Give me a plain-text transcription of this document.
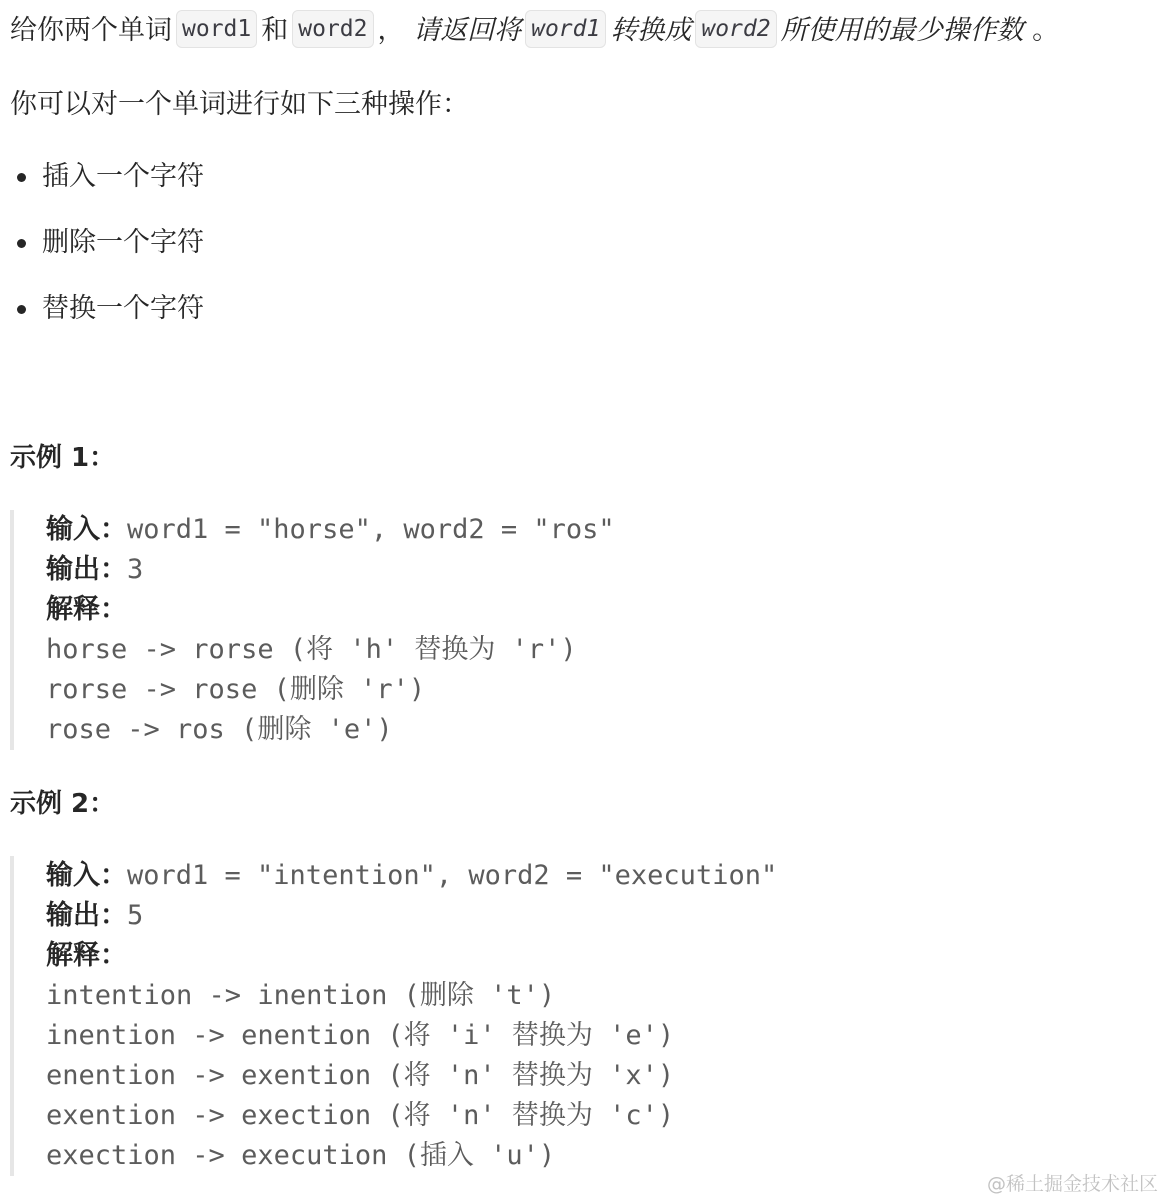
给你两个单词 word1 和 word2 ， 请返回将 word1 转换成 word2 所使用的最少操作数 。
你可以对一个单词进行如下三种操作：
插入一个字符
删除一个字符
替换一个字符
示例 1：
输入：word1 = "horse", word2 = "ros"
输出：3
解释：
horse -> rorse (将 'h' 替换为 'r')
rorse -> rose (删除 'r')
rose -> ros (删除 'e')
示例 2：
输入：word1 = "intention", word2 = "execution"
输出：5
解释：
intention -> inention (删除 't')
inention -> enention (将 'i' 替换为 'e')
enention -> exention (将 'n' 替换为 'x')
exention -> exection (将 'n' 替换为 'c')
exection -> execution (插入 'u')
@稀土掘金技术社区
